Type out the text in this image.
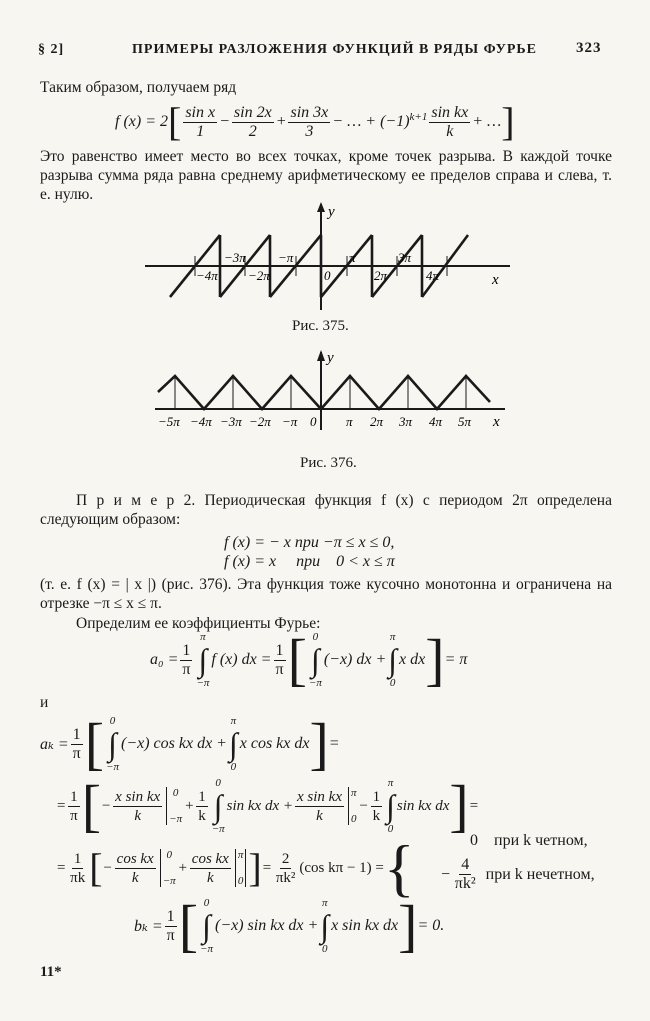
§ 2]	ПРИМЕРЫ РАЗЛОЖЕНИЯ ФУНКЦИЙ В РЯДЫ ФУРЬЕ	323
Таким образом, получаем ряд
f (x) = 2 [ $\frac{\text{sin x}}{1} - \frac{\sin 2x}{2} + \frac{\sin 3x}{3}$ − … + $(-1)^{k+1} \frac{\text{sin kx}}{k}$ + … ]
Это равенство имеет место во всех точках, кроме точек разрыва. В каждой точке разрыва сумма ряда равна среднему арифметическому ее пределов справа и слева, т. е. нулю.
−3π −π
−4π −2π	0
π
2π
3π
4π
y
x
Рис. 375.
−5π −4π −3π −2π −π 0 π 2π 3π 4π 5π
y
x
Рис. 376.
П р и м е р 2. Периодическая функция f (x) с периодом 2π определена следующим образом:
f (x) = − x при −π ≤ x ≤ 0,
f (x) = x     при    0 < x ≤ π
(т. е. f (x) = | x |) (рис. 376). Эта функция тоже кусочно монотонна и ограничена на отрезке −π ≤ x ≤ π.
Определим ее коэффициенты Фурье:
$a_0 = \frac{1}{\pi}$
π
∫
−π
f (x) dx = $\frac{1}{\pi}$ [ 0
∫
−π
(−x) dx +
π
∫
0
x dx ] = π
и
$a_k = \frac{1}{\pi}$ [ 0
∫
−π
(−x) cos kx dx +
π
∫
0
x cos kx dx ] =
= $\frac{1}{\pi}$ [ − $\frac{\text{x sin kx}}{k} 0$

−π
+ $\frac{1}{k}$
0
∫
−π
sin kx dx + $\frac{\text{x sin kx}}{k}$ π

0
− $\frac{1}{k}$
π
∫
0
sin kx dx ] =
= $\frac{1}{\pi k}$ [ − $\frac{\text{cos kx}}{k} 0$

−π
+ $\frac{\text{cos kx}}{k}$ π

0 ] = $\frac{2}{\text{πk²}} (\cos$ kπ − 1) = {	0 при k четном,
− $\frac{4}{\text{πk²}}$ при k нечетном,
$b_k = \frac{1}{\pi}$ [ 0
∫
−π
(−x) sin kx dx +
π
∫
0
x sin kx dx ] = 0.
11*
